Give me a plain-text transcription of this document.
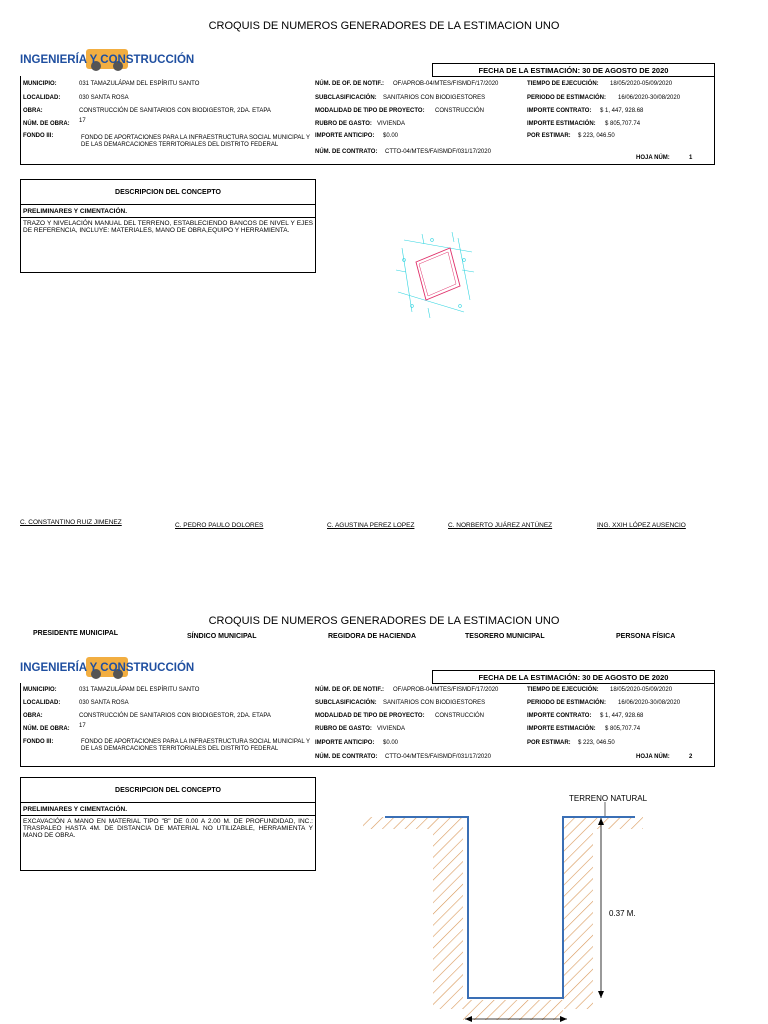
CROQUIS DE NUMEROS GENERADORES DE LA ESTIMACION UNO
INGENIERÍA Y CONSTRUCCIÓN
FECHA DE LA ESTIMACIÓN: 30 DE AGOSTO DE 2020
MUNICIPIO:	031 TAMAZULÁPAM DEL ESPÍRITU SANTO
LOCALIDAD:	030 SANTA ROSA
OBRA:	CONSTRUCCIÓN DE SANITARIOS CON BIODIGESTOR, 2DA. ETAPA
NÚM. DE OBRA: 17
FONDO III:	FONDO DE APORTACIONES PARA LA INFRAESTRUCTURA SOCIAL MUNICIPAL Y DE LAS DEMARCACIONES TERRITORIALES DEL DISTRITO FEDERAL
NÚM. DE OF. DE NOTIF.: OF/APROB-04/MTES/FISMDF/17/2020
SUBCLASIFICACIÓN: SANITARIOS CON BIODIGESTORES
MODALIDAD DE TIPO DE PROYECTO: CONSTRUCCIÓN
RUBRO DE GASTO: VIVIENDA
IMPORTE ANTICIPO: $0.00
NÚM. DE CONTRATO: CTTO-04/MTES/FAISMDF/031/17/2020
TIEMPO DE EJECUCIÓN: 18/05/2020-05/09/2020
PERIODO DE ESTIMACIÓN: 16/06/2020-30/08/2020
IMPORTE CONTRATO: $ 1, 447, 928.68
IMPORTE ESTIMACIÓN: $ 805,707.74
POR ESTIMAR: $ 223, 046.50
HOJA NÚM:	1
DESCRIPCION DEL CONCEPTO
PRELIMINARES Y CIMENTACIÓN.
TRAZO Y NIVELACIÓN MANUAL DEL TERRENO, ESTABLECIENDO BANCOS DE NIVEL Y EJES DE REFERENCIA, INCLUYE: MATERIALES, MANO DE OBRA,EQUIPO Y HERRAMIENTA.
C. CONSTANTINO RUIZ JIMENEZ	C. PEDRO PAULO DOLORES	C. AGUSTINA PEREZ LOPEZ	C. NORBERTO JUÁREZ ANTÚNEZ	ING. XXIH LÓPEZ AUSENCIO
CROQUIS DE NUMEROS GENERADORES DE LA ESTIMACION UNO
PRESIDENTE MUNICIPAL	SÍNDICO MUNICIPAL	REGIDORA DE HACIENDA	TESORERO MUNICIPAL	PERSONA FÍSICA
INGENIERÍA Y CONSTRUCCIÓN
FECHA DE LA ESTIMACIÓN: 30 DE AGOSTO DE 2020
MUNICIPIO:	031 TAMAZULÁPAM DEL ESPÍRITU SANTO
LOCALIDAD:	030 SANTA ROSA
OBRA:	CONSTRUCCIÓN DE SANITARIOS CON BIODIGESTOR, 2DA. ETAPA
NÚM. DE OBRA: 17
FONDO III:	FONDO DE APORTACIONES PARA LA INFRAESTRUCTURA SOCIAL MUNICIPAL Y DE LAS DEMARCACIONES TERRITORIALES DEL DISTRITO FEDERAL
NÚM. DE OF. DE NOTIF.: OF/APROB-04/MTES/FISMDF/17/2020
SUBCLASIFICACIÓN: SANITARIOS CON BIODIGESTORES
MODALIDAD DE TIPO DE PROYECTO: CONSTRUCCIÓN
RUBRO DE GASTO: VIVIENDA
IMPORTE ANTICIPO: $0.00
NÚM. DE CONTRATO: CTTO-04/MTES/FAISMDF/031/17/2020
TIEMPO DE EJECUCIÓN: 18/05/2020-05/09/2020
PERIODO DE ESTIMACIÓN: 16/06/2020-30/08/2020
IMPORTE CONTRATO: $ 1, 447, 928.68
IMPORTE ESTIMACIÓN: $ 805,707.74
POR ESTIMAR: $ 223, 046.50
HOJA NÚM:	2
DESCRIPCION DEL CONCEPTO
PRELIMINARES Y CIMENTACIÓN.
EXCAVACIÓN A MANO EN MATERIAL TIPO "B" DE 0.00 A 2.00 M. DE PROFUNDIDAD, INC.: TRASPALEO HASTA 4M. DE DISTANCIA DE MATERIAL NO UTILIZABLE, HERRAMIENTA Y MANO DE OBRA.
TERRENO NATURAL
0.37 M.
